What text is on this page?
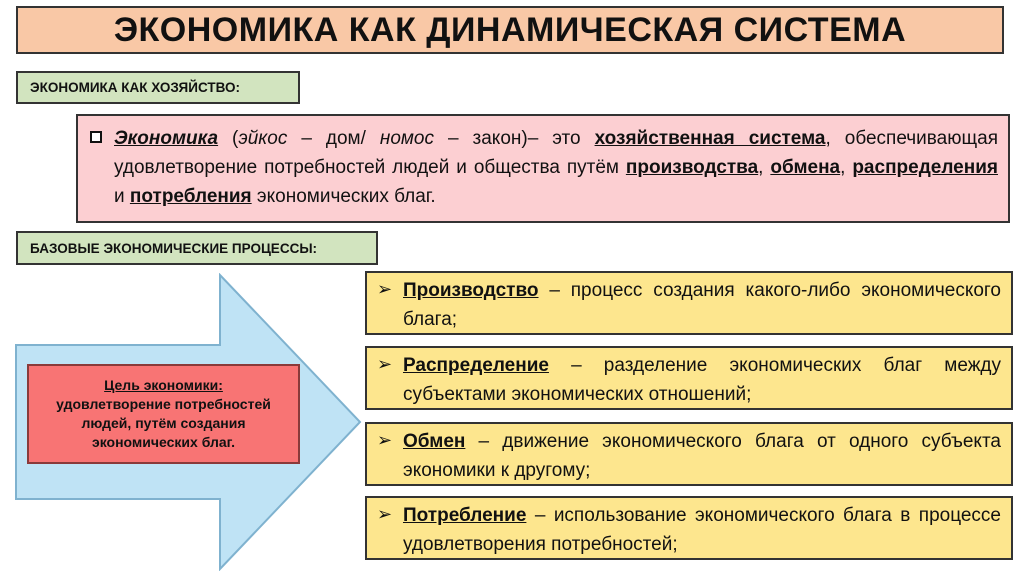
ЭКОНОМИКА КАК ДИНАМИЧЕСКАЯ СИСТЕМА
ЭКОНОМИКА КАК ХОЗЯЙСТВО:
Экономика (эйкос – дом/ номос – закон)– это хозяйственная система, обеспечивающая удовлетворение потребностей людей и общества путём производства, обмена, распределения и потребления экономических благ.
БАЗОВЫЕ ЭКОНОМИЧЕСКИЕ ПРОЦЕССЫ:
Цель экономики:
удовлетворение потребностей людей, путём создания экономических благ.
➢ Производство – процесс создания какого-либо экономического блага;
➢ Распределение – разделение экономических благ между субъектами экономических отношений;
➢ Обмен – движение экономического блага от одного субъекта экономики к другому;
➢ Потребление – использование экономического блага в процессе удовлетворения потребностей;
